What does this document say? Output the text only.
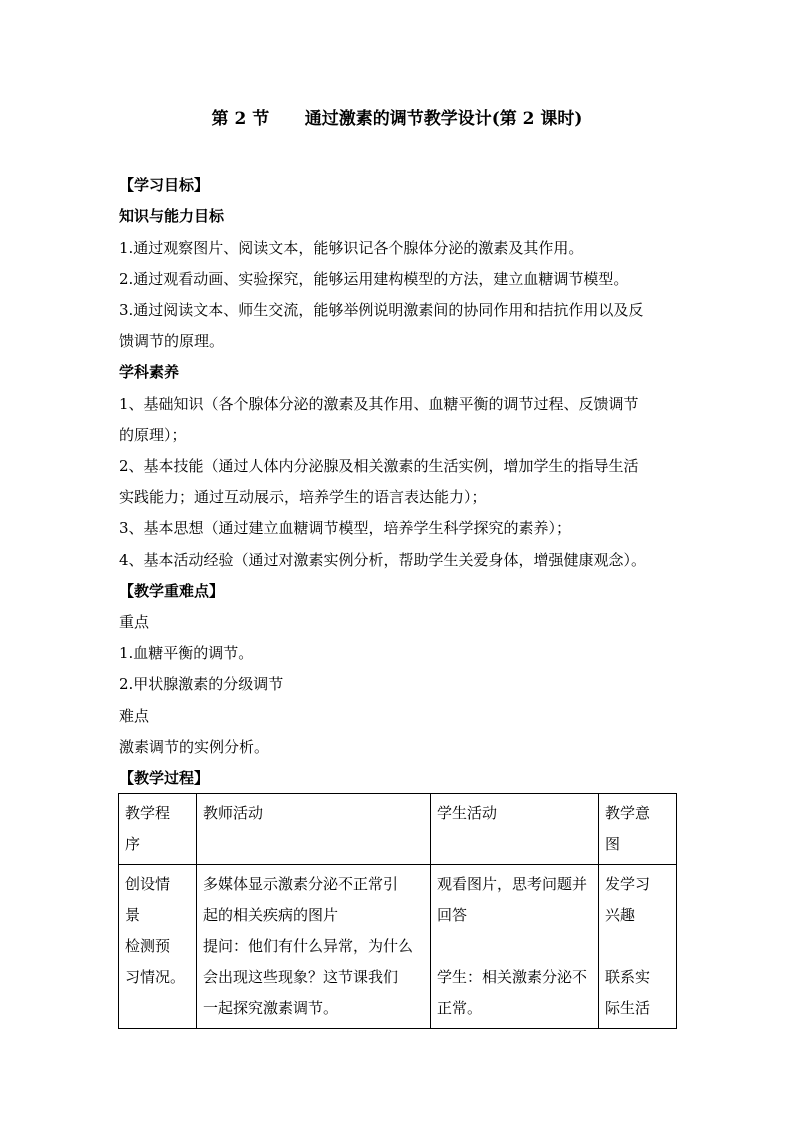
第 2 节      通过激素的调节教学设计(第 2 课时)
【学习目标】
知识与能力目标
1.通过观察图片、阅读文本，能够识记各个腺体分泌的激素及其作用。
2.通过观看动画、实验探究，能够运用建构模型的方法，建立血糖调节模型。
3.通过阅读文本、师生交流，能够举例说明激素间的协同作用和拮抗作用以及反
馈调节的原理。
学科素养
1、基础知识（各个腺体分泌的激素及其作用、血糖平衡的调节过程、反馈调节
的原理）；
2、基本技能（通过人体内分泌腺及相关激素的生活实例，增加学生的指导生活
实践能力；通过互动展示，培养学生的语言表达能力）；
3、基本思想（通过建立血糖调节模型，培养学生科学探究的素养）；
4、基本活动经验（通过对激素实例分析，帮助学生关爱身体，增强健康观念）。
【教学重难点】
重点
1.血糖平衡的调节。
2.甲状腺激素的分级调节
难点
激素调节的实例分析。
【教学过程】
教学程
序	教师活动	学生活动	教学意
图

创设情
景
检测预
习情况。	多媒体显示激素分泌不正常引
起的相关疾病的图片
提问：他们有什么异常，为什么
会出现这些现象？这节课我们
一起探究激素调节。	观看图片，思考问题并
回答
学生：相关激素分泌不
正常。	发学习
兴趣
联系实
际生活
